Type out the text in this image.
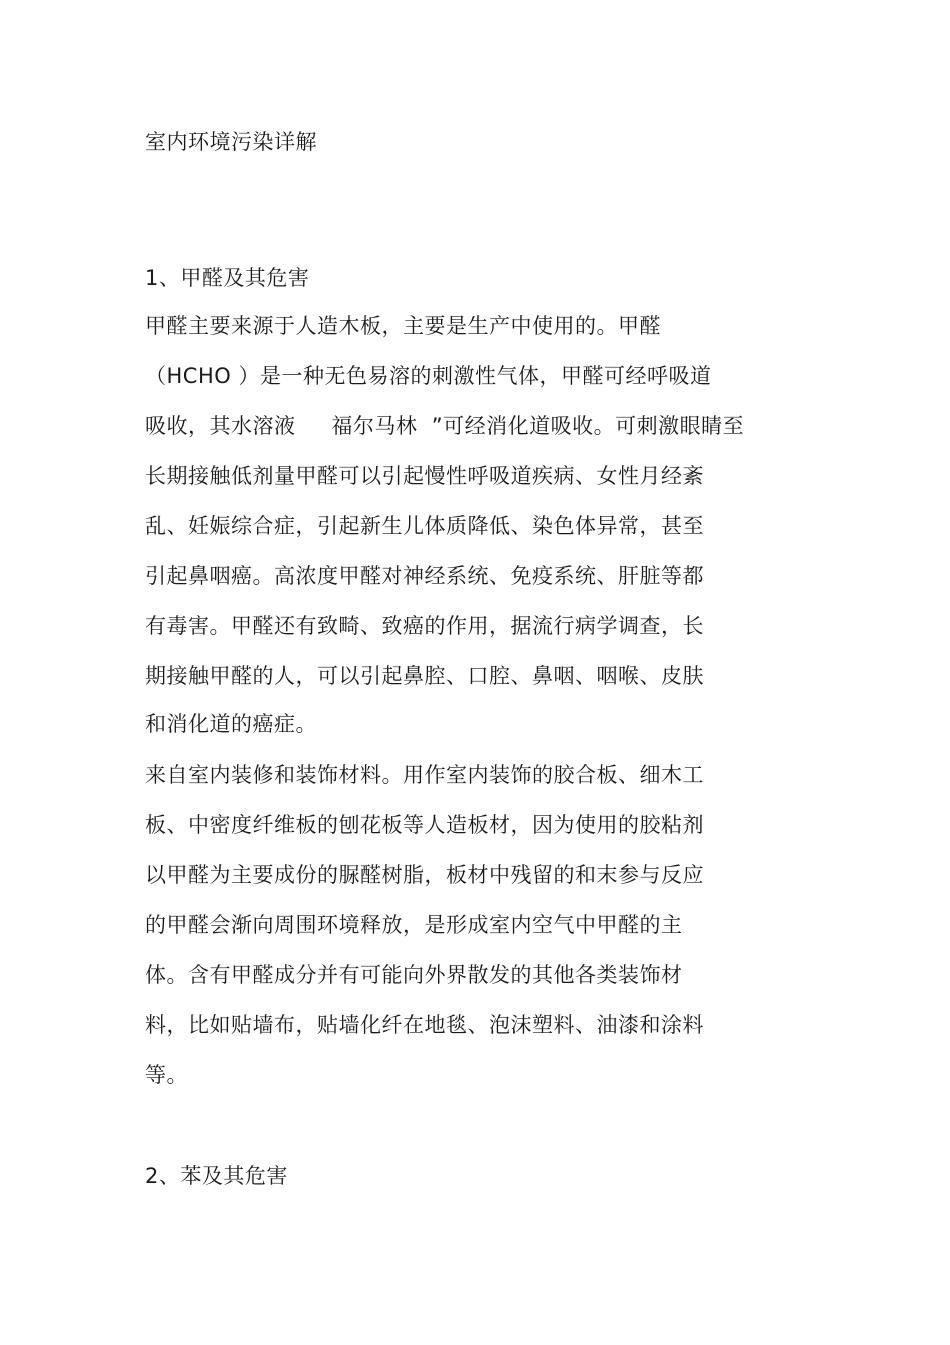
室内环境污染详解
1、甲醛及其危害
甲醛主要来源于人造木板，主要是生产中使用的。甲醛
（HCHO ）是一种无色易溶的刺激性气体，甲醛可经呼吸道
吸收，其水溶液     福尔马林  ”可经消化道吸收。可刺激眼睛至
长期接触低剂量甲醛可以引起慢性呼吸道疾病、女性月经紊
乱、妊娠综合症，引起新生儿体质降低、染色体异常，甚至
引起鼻咽癌。高浓度甲醛对神经系统、免疫系统、肝脏等都
有毒害。甲醛还有致畸、致癌的作用，据流行病学调查，长
期接触甲醛的人，可以引起鼻腔、口腔、鼻咽、咽喉、皮肤
和消化道的癌症。
来自室内装修和装饰材料。用作室内装饰的胶合板、细木工
板、中密度纤维板的刨花板等人造板材，因为使用的胶粘剂
以甲醛为主要成份的脲醛树脂，板材中残留的和末参与反应
的甲醛会渐向周围环境释放，是形成室内空气中甲醛的主
体。含有甲醛成分并有可能向外界散发的其他各类装饰材
料，比如贴墙布，贴墙化纤在地毯、泡沫塑料、油漆和涂料
等。
2、苯及其危害
